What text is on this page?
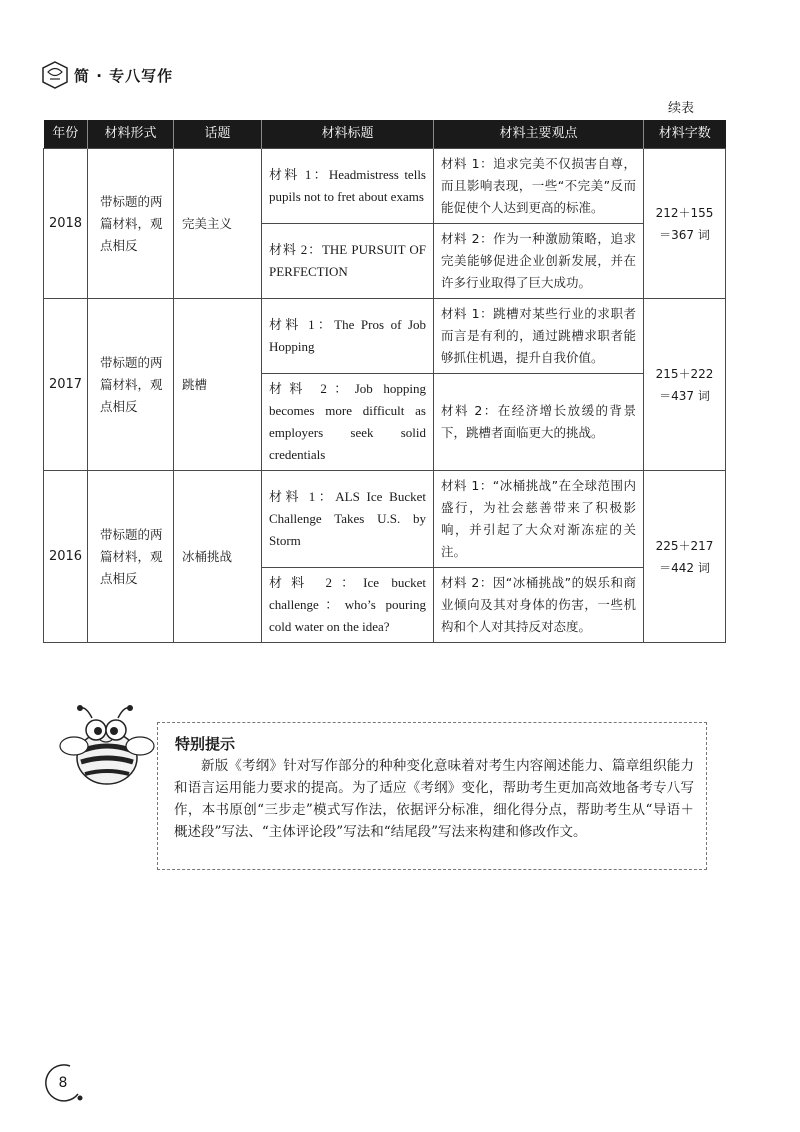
简 · 专八写作
续表
年份	材料形式	话题	材料标题	材料主要观点	材料字数
2018	带标题的两篇材料，观点相反	完美主义	材料 1：Headmistress tells pupils not to fret about exams	材料 1：追求完美不仅损害自尊，而且影响表现，一些“不完美”反而能促使个人达到更高的标准。	212＋155＝367 词
			材料 2：THE PURSUIT OF PERFECTION	材料 2：作为一种激励策略，追求完美能够促进企业创新发展，并在许多行业取得了巨大成功。	
2017	带标题的两篇材料，观点相反	跳槽	材料 1：The Pros of Job Hopping	材料 1：跳槽对某些行业的求职者而言是有利的，通过跳槽求职者能够抓住机遇，提升自我价值。	215＋222＝437 词
			材料 2：Job hopping becomes more difficult as employers seek solid credentials	材料 2：在经济增长放缓的背景下，跳槽者面临更大的挑战。	
2016	带标题的两篇材料，观点相反	冰桶挑战	材料 1：ALS Ice Bucket Challenge Takes U.S. by Storm	材料 1：“冰桶挑战”在全球范围内盛行，为社会慈善带来了积极影响，并引起了大众对渐冻症的关注。	225＋217＝442 词
			材料 2：Ice bucket challenge：who’s pouring cold water on the idea?	材料 2：因“冰桶挑战”的娱乐和商业倾向及其对身体的伤害，一些机构和个人对其持反对态度。	
特别提示
新版《考纲》针对写作部分的种种变化意味着对考生内容阐述能力、篇章组织能力和语言运用能力要求的提高。为了适应《考纲》变化，帮助考生更加高效地备考专八写作，本书原创“三步走”模式写作法，依据评分标准，细化得分点，帮助考生从“导语＋概述段”写法、“主体评论段”写法和“结尾段”写法来构建和修改作文。
8
